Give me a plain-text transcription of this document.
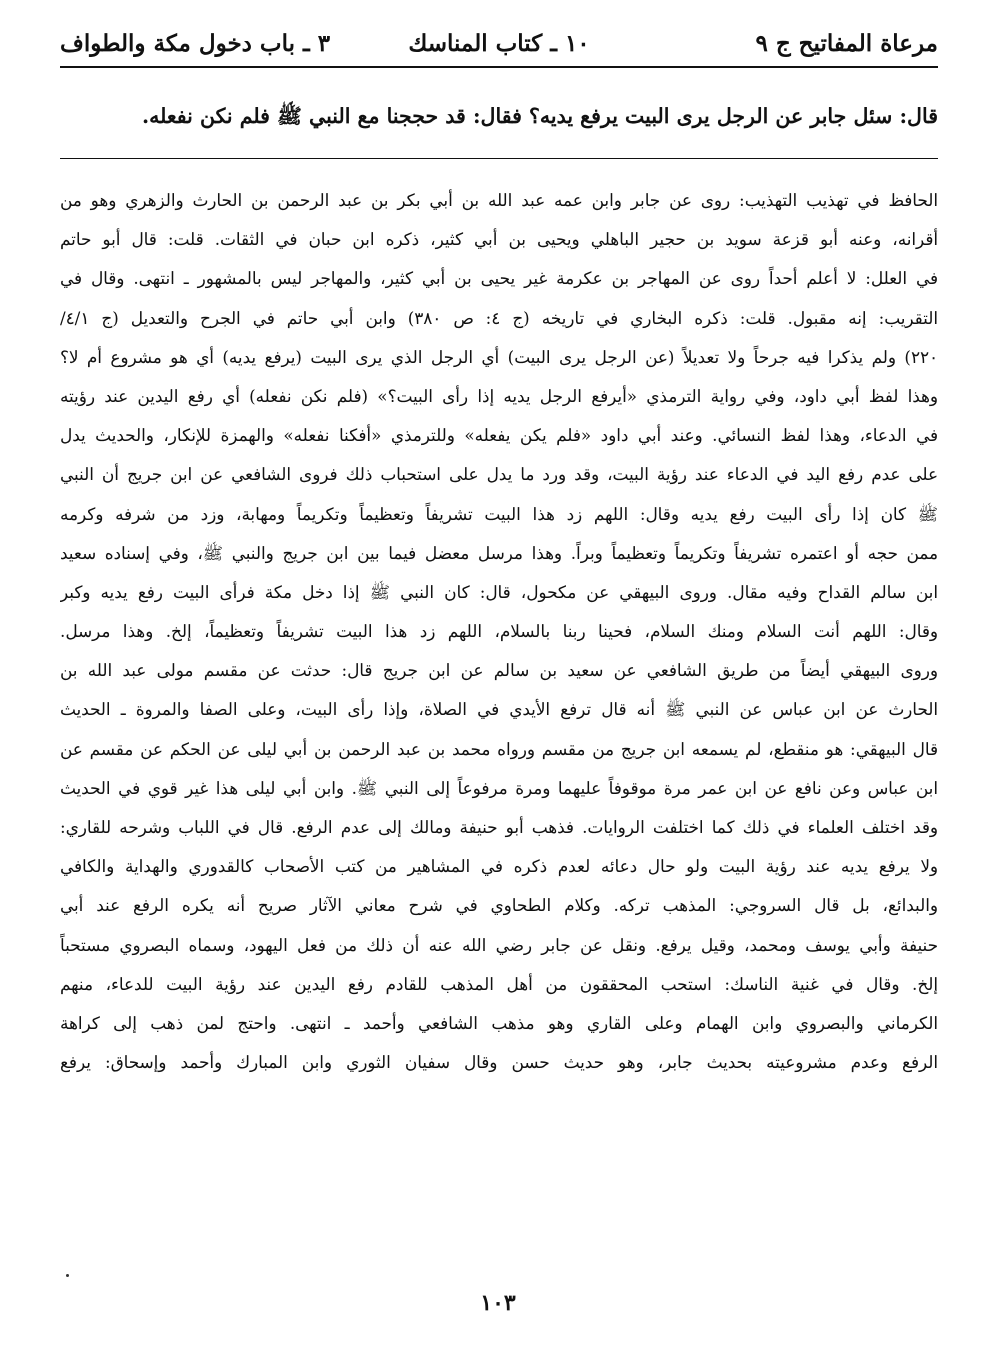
مرعاة المفاتيح ج ٩
١٠ ـ كتاب المناسك
٣ ـ باب دخول مكة والطواف
قال: سئل جابر عن الرجل يرى البيت يرفع يديه؟ فقال: قد حججنا مع النبي ﷺ فلم نكن نفعله.

الحافظ في تهذيب التهذيب: روى عن جابر وابن عمه عبد الله بن أبي بكر بن عبد الرحمن بن الحارث والزهري وهو من

أقرانه، وعنه أبو قزعة سويد بن حجير الباهلي ويحيى بن أبي كثير، ذكره ابن حبان في الثقات. قلت: قال أبو حاتم

في العلل: لا أعلم أحداً روى عن المهاجر بن عكرمة غير يحيى بن أبي كثير، والمهاجر ليس بالمشهور ـ انتهى. وقال في

التقريب: إنه مقبول. قلت: ذكره البخاري في تاريخه (ج ٤: ص ٣٨٠) وابن أبي حاتم في الجرح والتعديل (ج ٤/١/

٢٢٠) ولم يذكرا فيه جرحاً ولا تعديلاً (عن الرجل يرى البيت) أي الرجل الذي يرى البيت (يرفع يديه) أي هو مشروع أم لا؟

وهذا لفظ أبي داود، وفي رواية الترمذي «أيرفع الرجل يديه إذا رأى البيت؟» (فلم نكن نفعله) أي رفع اليدين عند رؤيته

في الدعاء، وهذا لفظ النسائي. وعند أبي داود «فلم يكن يفعله» وللترمذي «أفكنا نفعله» والهمزة للإنكار، والحديث يدل

على عدم رفع اليد في الدعاء عند رؤية البيت، وقد ورد ما يدل على استحباب ذلك فروى الشافعي عن ابن جريج أن النبي

ﷺ كان إذا رأى البيت رفع يديه وقال: اللهم زد هذا البيت تشريفاً وتعظيماً وتكريماً ومهابة، وزد من شرفه وكرمه

ممن حجه أو اعتمره تشريفاً وتكريماً وتعظيماً وبراً. وهذا مرسل معضل فيما بين ابن جريج والنبي ﷺ، وفي إسناده سعيد

ابن سالم القداح وفيه مقال. وروى البيهقي عن مكحول، قال: كان النبي ﷺ إذا دخل مكة فرأى البيت رفع يديه وكبر

وقال: اللهم أنت السلام ومنك السلام، فحينا ربنا بالسلام، اللهم زد هذا البيت تشريفاً وتعظيماً، إلخ. وهذا مرسل.

وروى البيهقي أيضاً من طريق الشافعي عن سعيد بن سالم عن ابن جريج قال: حدثت عن مقسم مولى عبد الله بن

الحارث عن ابن عباس عن النبي ﷺ أنه قال ترفع الأيدي في الصلاة، وإذا رأى البيت، وعلى الصفا والمروة ـ الحديث

قال البيهقي: هو منقطع، لم يسمعه ابن جريج من مقسم ورواه محمد بن عبد الرحمن بن أبي ليلى عن الحكم عن مقسم عن

ابن عباس وعن نافع عن ابن عمر مرة موقوفاً عليهما ومرة مرفوعاً إلى النبي ﷺ. وابن أبي ليلى هذا غير قوي في الحديث

وقد اختلف العلماء في ذلك كما اختلفت الروايات. فذهب أبو حنيفة ومالك إلى عدم الرفع. قال في اللباب وشرحه للقاري:

ولا يرفع يديه عند رؤية البيت ولو حال دعائه لعدم ذكره في المشاهير من كتب الأصحاب كالقدوري والهداية والكافي

والبدائع، بل قال السروجي: المذهب تركه. وكلام الطحاوي في شرح معاني الآثار صريح أنه يكره الرفع عند أبي

حنيفة وأبي يوسف ومحمد، وقيل يرفع. ونقل عن جابر رضي الله عنه أن ذلك من فعل اليهود، وسماه البصروي مستحباً

إلخ. وقال في غنية الناسك: استحب المحققون من أهل المذهب للقادم رفع اليدين عند رؤية البيت للدعاء، منهم

الكرماني والبصروي وابن الهمام وعلى القاري وهو مذهب الشافعي وأحمد ـ انتهى. واحتج لمن ذهب إلى كراهة

الرفع وعدم مشروعيته بحديث جابر، وهو حديث حسن وقال سفيان الثوري وابن المبارك وأحمد وإسحاق: يرفع

١٠٣
